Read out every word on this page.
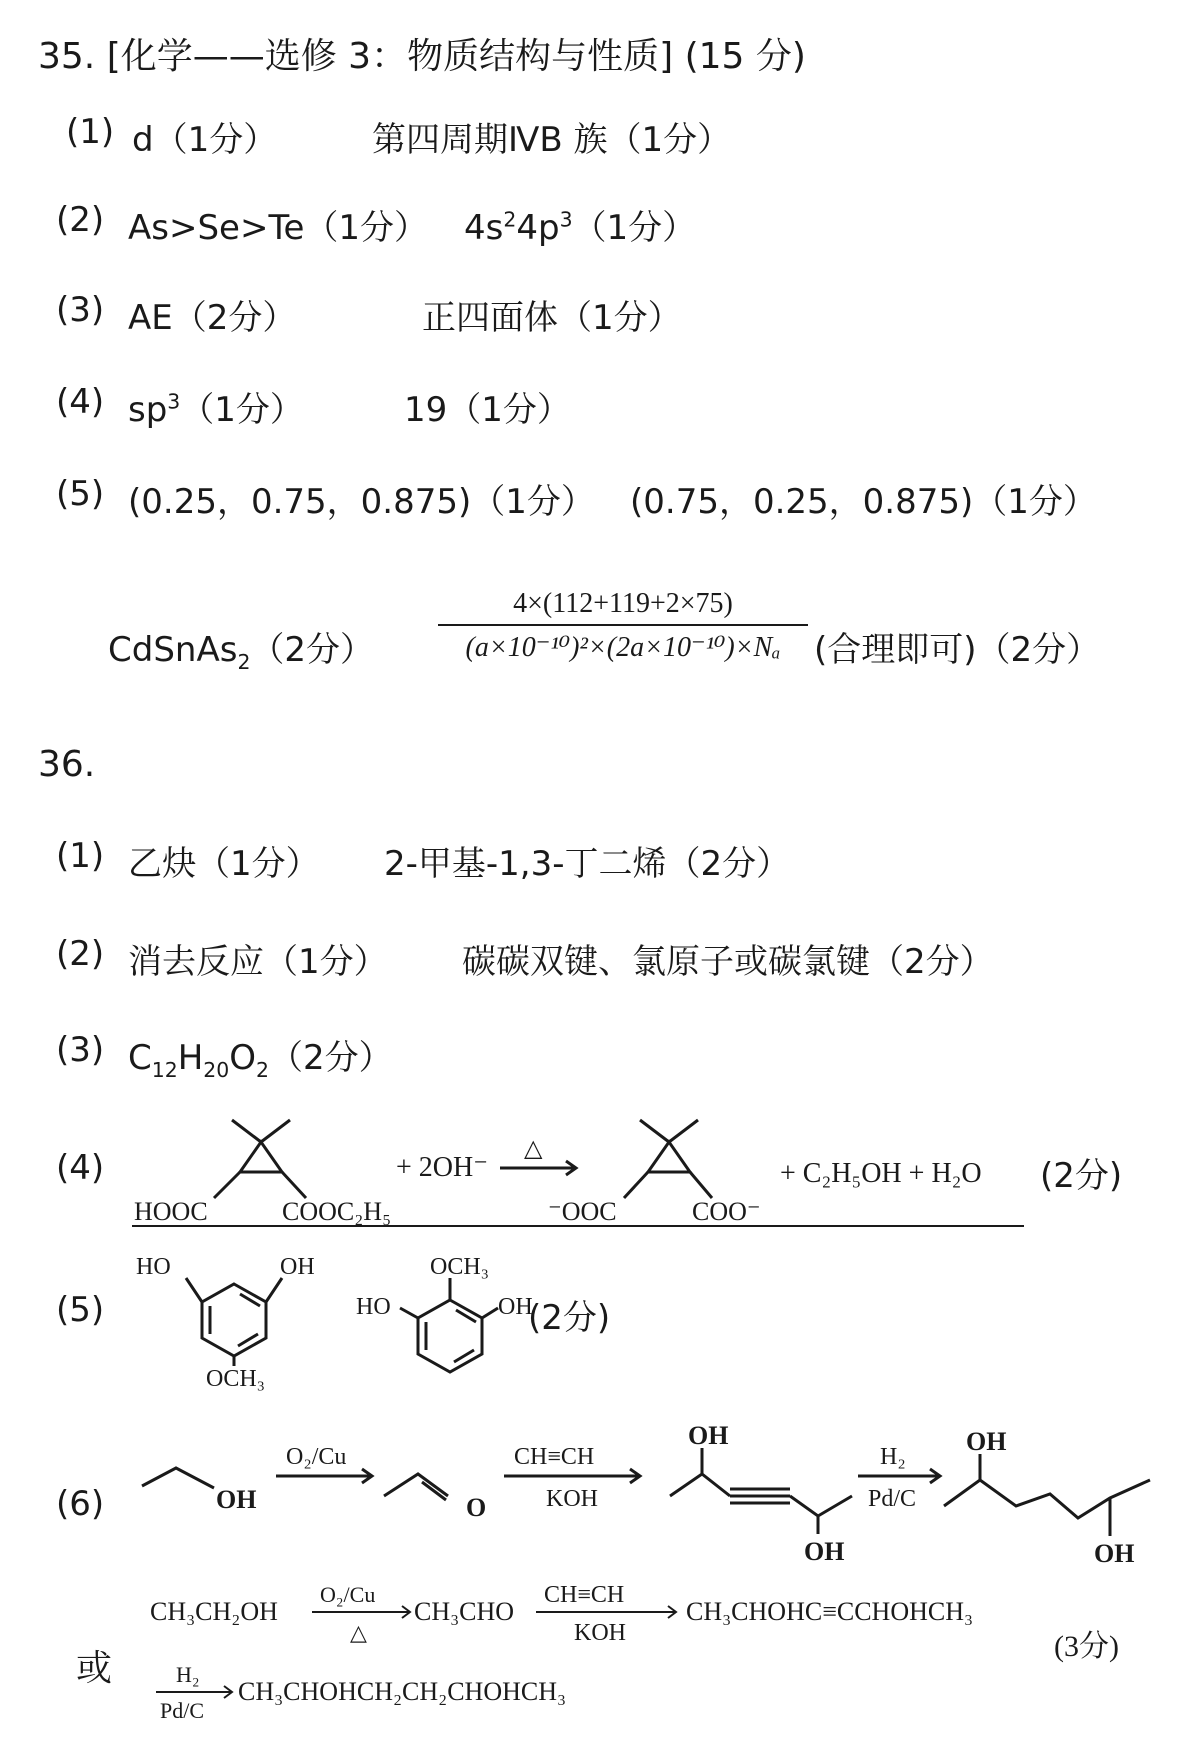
35. [化学——选修 3：物质结构与性质] (15 分)
(1) d（1分）	第四周期ⅣB 族（1分）
(2) As>Se>Te（1分） $4s^24p^3(1$分）
(3) AE（2分）	正四面体（1分）
(4) $sp^3(1$分）	19（1分）
(5) (0.25，0.75，0.875)（1分） (0.75，0.25，0.875)（1分）
CdSnAs$_2$（2分） $\frac{4\times(112+119+2\times 75)}{\text{(a×10⁻¹⁰)²×(2a×10⁻¹⁰)×Nₐ}}$ (合理即可)（2分）
36.
(1) 乙炔（1分） 2-甲基-1,3-丁二烯（2分）
(2) 消去反应（1分） 碳碳双键、氯原子或碳氯键（2分）
(3) $C_{12}H_{20}O_2(2$分）
(4)
HOOC	COOC₂H₅
+ 2OH⁻
△
⁻OOC	COO⁻
+ C₂H₅OH + H₂O (2分)
(5)
HO	OH
OCH₃
OCH₃
HO	OH
(2分)
(6)	OH
O₂/Cu
O
CH≡CH
KOH
OH
OH
H₂
Pd/C
OH
OH
或
CH₃CH₂OH
O₂/Cu
△
CH₃CHO
CH≡CH
KOH
CH₃CHOHC≡CCHOHCH₃
(3分)
H₂
Pd/C
CH₃CHOHCH₂CH₂CHOHCH₃
